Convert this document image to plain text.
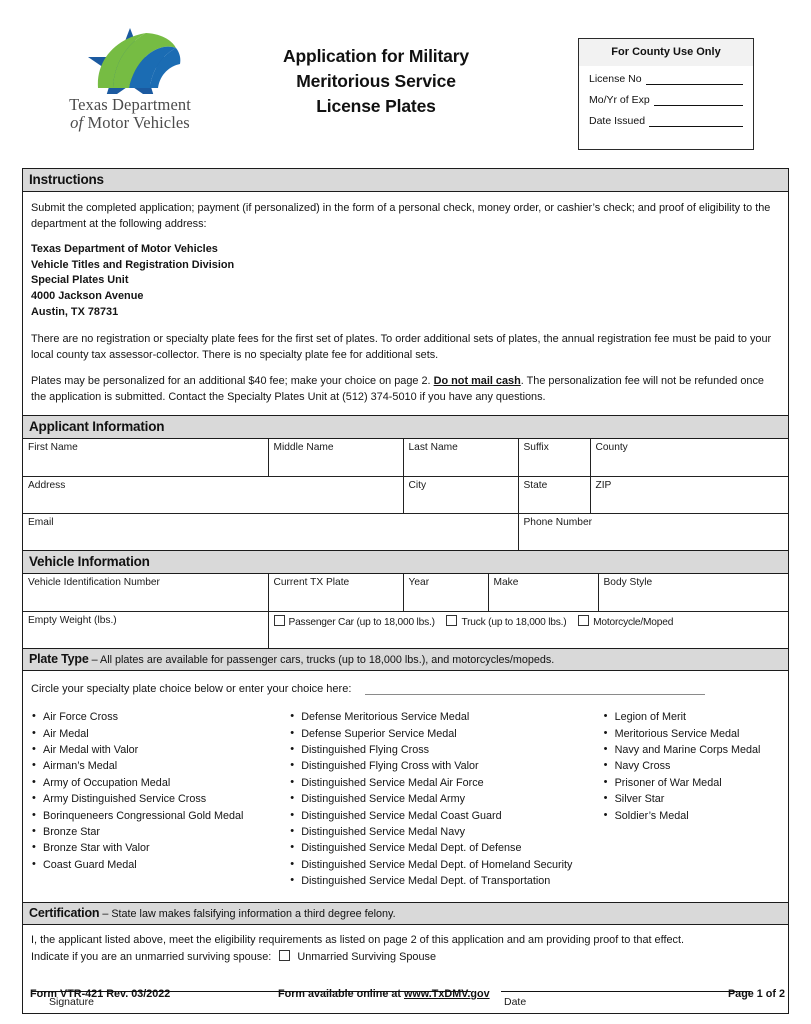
Texas Department
of Motor Vehicles
Application for Military
Meritorious Service
License Plates
For County Use Only
License No
Mo/Yr of Exp
Date Issued
Instructions

Submit the completed application; payment (if personalized) in the form of a personal check, money order, or cashier’s check; and proof of eligibility to the department at the following address:

Texas Department of Motor Vehicles
Vehicle Titles and Registration Division
Special Plates Unit
4000 Jackson Avenue
Austin, TX 78731

There are no registration or specialty plate fees for the first set of plates. To order additional sets of plates, the annual registration fee must be paid to your local county tax assessor-collector. There is no specialty plate fee for additional sets.

Plates may be personalized for an additional $40 fee; make your choice on page 2. Do not mail cash. The personalization fee will not be refunded once the application is submitted. Contact the Specialty Plates Unit at (512) 374-5010 if you have any questions.

Applicant Information
First Name	Middle Name	Last Name	Suffix	County
Address		City	State	ZIP
Email			Phone Number	
Vehicle Information
Vehicle Identification Number	Current TX Plate	Year	Make	Body Style
Empty Weight (lbs.)	Passenger Car (up to 18,000 lbs.) Truck (up to 18,000 lbs.) Motorcycle/Moped			
Plate Type – All plates are available for passenger cars, trucks (up to 18,000 lbs.), and motorcycles/mopeds.
Circle your specialty plate choice below or enter your choice here:
• Air Force Cross
• Air Medal
• Air Medal with Valor
• Airman’s Medal
• Army of Occupation Medal
• Army Distinguished Service Cross
• Borinqueneers Congressional Gold Medal
• Bronze Star
• Bronze Star with Valor
• Coast Guard Medal
• Defense Meritorious Service Medal
• Defense Superior Service Medal
• Distinguished Flying Cross
• Distinguished Flying Cross with Valor
• Distinguished Service Medal Air Force
• Distinguished Service Medal Army
• Distinguished Service Medal Coast Guard
• Distinguished Service Medal Navy
• Distinguished Service Medal Dept. of Defense
• Distinguished Service Medal Dept. of Homeland Security
• Distinguished Service Medal Dept. of Transportation
• Legion of Merit
• Meritorious Service Medal
• Navy and Marine Corps Medal
• Navy Cross
• Prisoner of War Medal
• Silver Star
• Soldier’s Medal
Certification – State law makes falsifying information a third degree felony.
I, the applicant listed above, meet the eligibility requirements as listed on page 2 of this application and am providing proof to that effect.
Indicate if you are an unmarried surviving spouse: Unmarried Surviving Spouse
Signature	Date
Form VTR-421 Rev. 03/2022	Form available online at www.TxDMV.gov	Page 1 of 2
